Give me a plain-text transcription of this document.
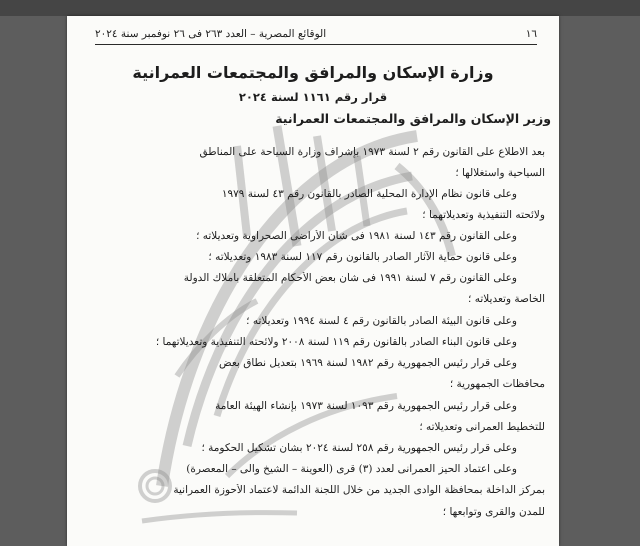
١٦
الوقائع المصرية – العدد ٢٦٣ فى ٢٦ نوفمبر سنة ٢٠٢٤
وزارة الإسكان والمرافق والمجتمعات العمرانية
قرار رقم ١١٦١ لسنة ٢٠٢٤
وزير الإسكان والمرافق والمجتمعات العمرانية
بعد الاطلاع على القانون رقم ٢ لسنة ١٩٧٣ بإشراف وزارة السياحة على المناطق
السياحية واستغلالها ؛
وعلى قانون نظام الإدارة المحلية الصادر بالقانون رقم ٤٣ لسنة ١٩٧٩
ولائحته التنفيذية وتعديلاتهما ؛
وعلى القانون رقم ١٤٣ لسنة ١٩٨١ فى شأن الأراضى الصحراوية وتعديلاته ؛
وعلى قانون حماية الآثار الصادر بالقانون رقم ١١٧ لسنة ١٩٨٣ وتعديلاته ؛
وعلى القانون رقم ٧ لسنة ١٩٩١ فى شأن بعض الأحكام المتعلقة بأملاك الدولة
الخاصة وتعديلاته ؛
وعلى قانون البيئة الصادر بالقانون رقم ٤ لسنة ١٩٩٤ وتعديلاته ؛
وعلى قانون البناء الصادر بالقانون رقم ١١٩ لسنة ٢٠٠٨ ولائحته التنفيذية وتعديلاتهما ؛
وعلى قرار رئيس الجمهورية رقم ١٩٨٢ لسنة ١٩٦٩ بتعديل نطاق بعض
محافظات الجمهورية ؛
وعلى قرار رئيس الجمهورية رقم ١٠٩٣ لسنة ١٩٧٣ بإنشاء الهيئة العامة
للتخطيط العمرانى وتعديلاته ؛
وعلى قرار رئيس الجمهورية رقم ٢٥٨ لسنة ٢٠٢٤ بشأن تشكيل الحكومة ؛
وعلى اعتماد الحيز العمرانى لعدد (٣) قرى (العوينة – الشيخ والى – المعصرة)
بمركز الداخلة بمحافظة الوادى الجديد من خلال اللجنة الدائمة لاعتماد الأحوزة العمرانية
للمدن والقرى وتوابعها ؛
